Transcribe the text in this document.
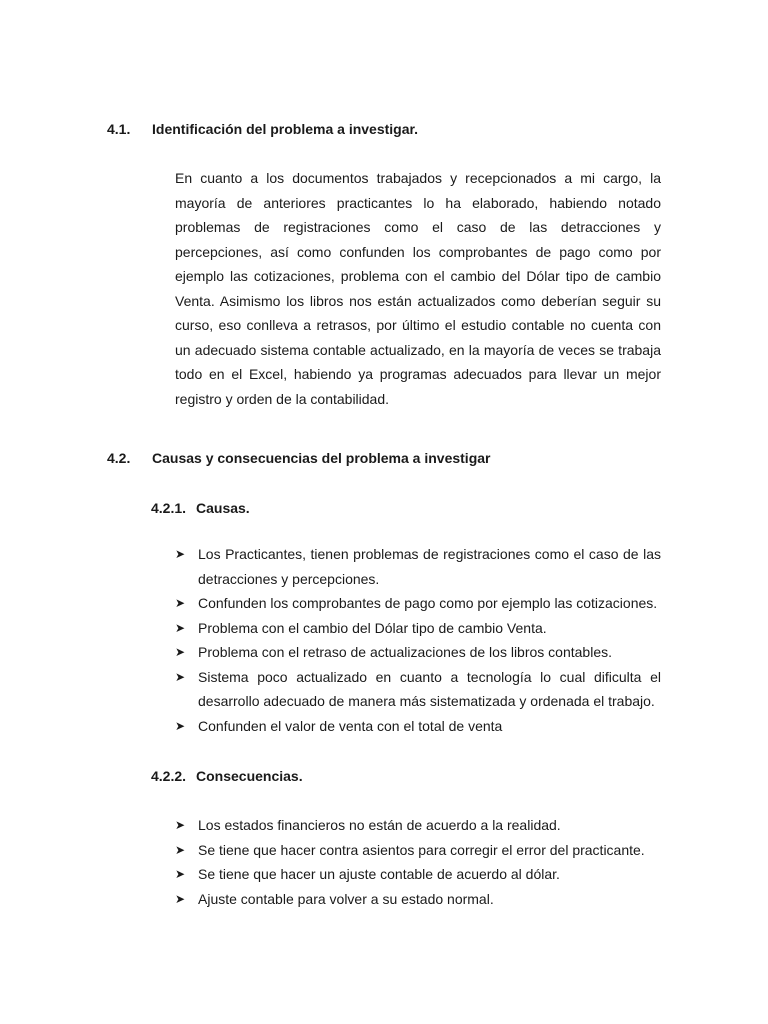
4.1. Identificación del problema a investigar.

En cuanto a los documentos trabajados y recepcionados a mi cargo, la mayoría de anteriores practicantes lo ha elaborado, habiendo notado problemas de registraciones como el caso de las detracciones y percepciones, así como confunden los comprobantes de pago como por ejemplo las cotizaciones, problema con el cambio del Dólar tipo de cambio Venta. Asimismo los libros nos están actualizados como deberían seguir su curso, eso conlleva a retrasos, por último el estudio contable no cuenta con un adecuado sistema contable actualizado, en la mayoría de veces se trabaja todo en el Excel, habiendo ya programas adecuados para llevar un mejor registro y orden de la contabilidad.

4.2. Causas y consecuencias del problema a investigar
4.2.1. Causas.
➤ Los Practicantes, tienen problemas de registraciones como el caso de las detracciones y percepciones.
➤ Confunden los comprobantes de pago como por ejemplo las cotizaciones.
➤ Problema con el cambio del Dólar tipo de cambio Venta.
➤ Problema con el retraso de actualizaciones de los libros contables.
➤ Sistema poco actualizado en cuanto a tecnología lo cual dificulta el desarrollo adecuado de manera más sistematizada y ordenada el trabajo.
➤ Confunden el valor de venta con el total de venta
4.2.2. Consecuencias.
➤ Los estados financieros no están de acuerdo a la realidad.
➤ Se tiene que hacer contra asientos para corregir el error del practicante.
➤ Se tiene que hacer un ajuste contable de acuerdo al dólar.
➤ Ajuste contable para volver a su estado normal.
